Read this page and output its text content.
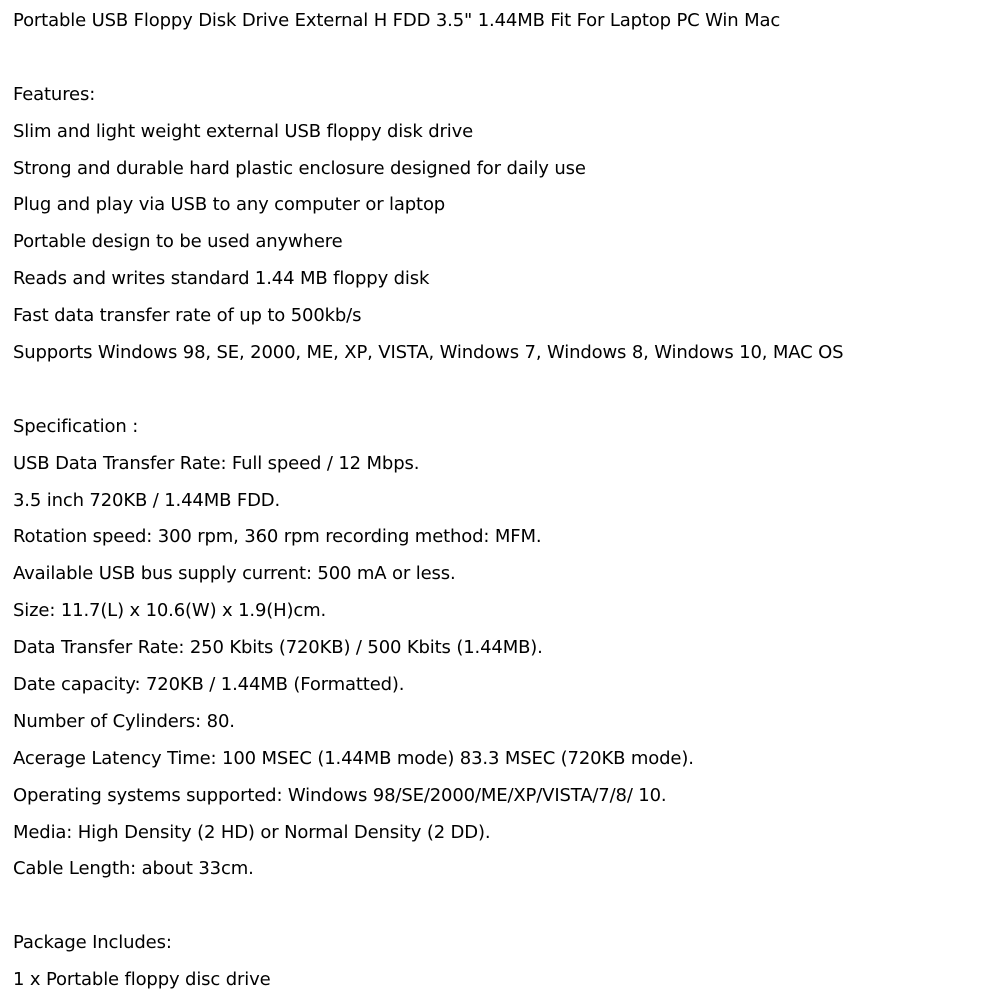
Portable USB Floppy Disk Drive External H FDD 3.5" 1.44MB Fit For Laptop PC Win Mac
Features:
Slim and light weight external USB floppy disk drive
Strong and durable hard plastic enclosure designed for daily use
Plug and play via USB to any computer or laptop
Portable design to be used anywhere
Reads and writes standard 1.44 MB floppy disk
Fast data transfer rate of up to 500kb/s
Supports Windows 98, SE, 2000, ME, XP, VISTA, Windows 7, Windows 8, Windows 10, MAC OS
Specification :
USB Data Transfer Rate: Full speed / 12 Mbps.
3.5 inch 720KB / 1.44MB FDD.
Rotation speed: 300 rpm, 360 rpm recording method: MFM.
Available USB bus supply current: 500 mA or less.
Size: 11.7(L) x 10.6(W) x 1.9(H)cm.
Data Transfer Rate: 250 Kbits (720KB) / 500 Kbits (1.44MB).
Date capacity: 720KB / 1.44MB (Formatted).
Number of Cylinders: 80.
Acerage Latency Time: 100 MSEC (1.44MB mode) 83.3 MSEC (720KB mode).
Operating systems supported: Windows 98/SE/2000/ME/XP/VISTA/7/8/ 10.
Media: High Density (2 HD) or Normal Density (2 DD).
Cable Length: about 33cm.
Package Includes:
1 x Portable floppy disc drive
